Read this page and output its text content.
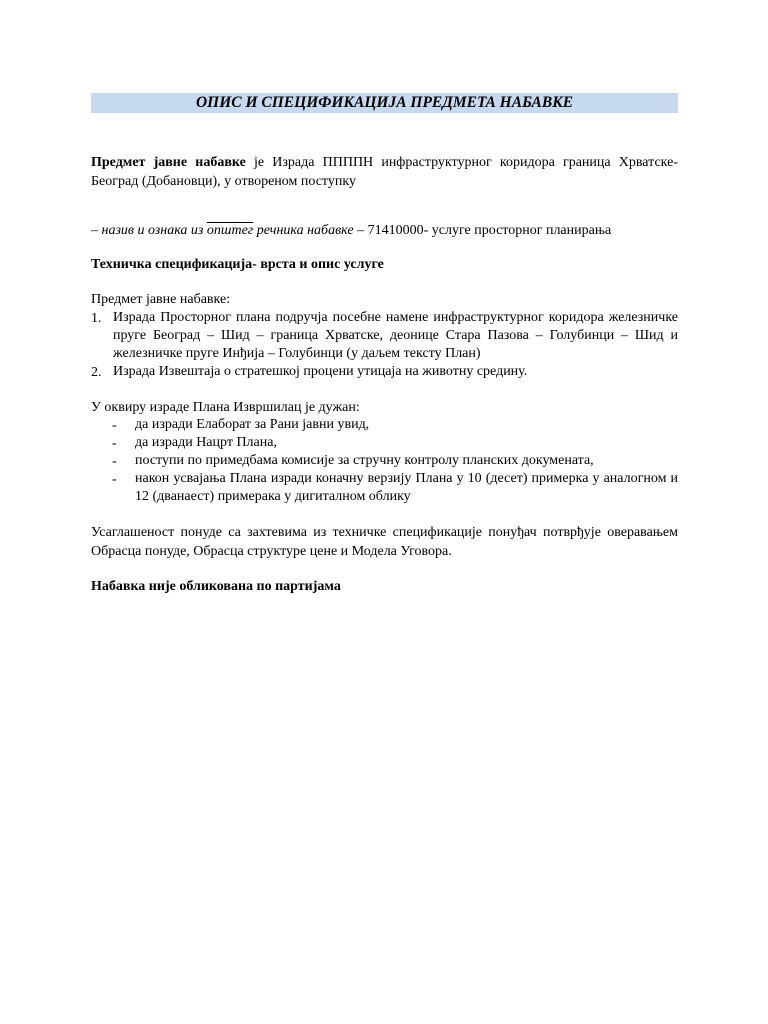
ОПИС И СПЕЦИФИКАЦИЈА ПРЕДМЕТА НАБАВКЕ
Предмет јавне набавке је Израда ППППН инфраструктурног коридора граница Хрватске-Београд (Добановци), у отвореном поступку
– назив и ознака из општег речника набавке – 71410000- услуге просторног планирања
Техничка спецификација- врста и опис услуге
Предмет јавне набавке:
1. Израда Просторног плана подручја посебне намене инфраструктурног коридора железничке пруге Београд – Шид – граница Хрватске, деонице Стара Пазова – Голубинци – Шид и железничке пруге Инђија – Голубинци (у даљем тексту План)
2. Израда Извештаја о стратешкој процени утицаја на животну средину.
У оквиру израде Плана Извршилац је дужан:
-	да изради Елаборат за Рани јавни увид,
-	да изради Нацрт Плана,
-	поступи по примедбама комисије за стручну контролу планских докумената,
-	након усвајања Плана изради коначну верзију Плана у 10 (десет) примерка у аналогном и 12 (дванаест) примерака у дигиталном облику
Усаглашеност понуде са захтевима из техничке спецификације понуђач потврђује оверавањем Обрасца понуде, Обрасца структуре цене и Модела Уговора.
Набавка није обликована по партијама
